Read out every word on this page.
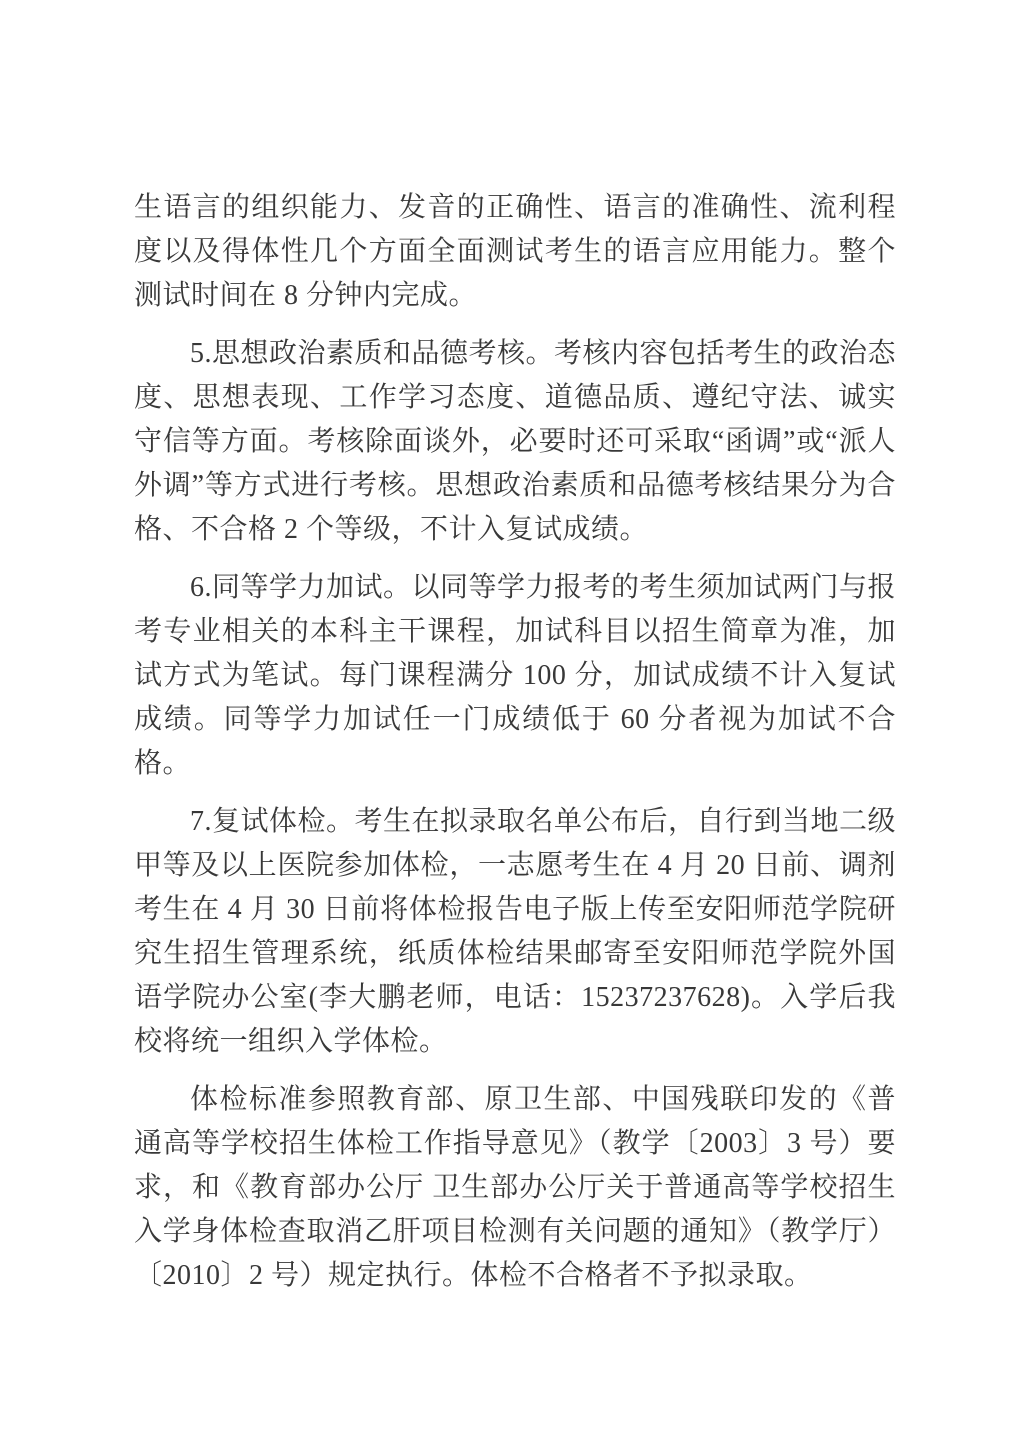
生语言的组织能力、发音的正确性、语言的准确性、流利程度以及得体性几个方面全面测试考生的语言应用能力。整个测试时间在 8 分钟内完成。

5.思想政治素质和品德考核。考核内容包括考生的政治态度、思想表现、工作学习态度、道德品质、遵纪守法、诚实守信等方面。考核除面谈外，必要时还可采取“函调”或“派人外调”等方式进行考核。思想政治素质和品德考核结果分为合格、不合格 2 个等级，不计入复试成绩。

6.同等学力加试。以同等学力报考的考生须加试两门与报考专业相关的本科主干课程，加试科目以招生简章为准，加试方式为笔试。每门课程满分 100 分，加试成绩不计入复试成绩。同等学力加试任一门成绩低于 60 分者视为加试不合格。

7.复试体检。考生在拟录取名单公布后，自行到当地二级甲等及以上医院参加体检，一志愿考生在 4 月 20 日前、调剂考生在 4 月 30 日前将体检报告电子版上传至安阳师范学院研究生招生管理系统，纸质体检结果邮寄至安阳师范学院外国语学院办公室(李大鹏老师，电话：15237237628)。入学后我校将统一组织入学体检。

体检标准参照教育部、原卫生部、中国残联印发的《普通高等学校招生体检工作指导意见》（教学〔2003〕3 号）要求，和《教育部办公厅 卫生部办公厅关于普通高等学校招生入学身体检查取消乙肝项目检测有关问题的通知》（教学厅）〔2010〕2 号）规定执行。体检不合格者不予拟录取。
